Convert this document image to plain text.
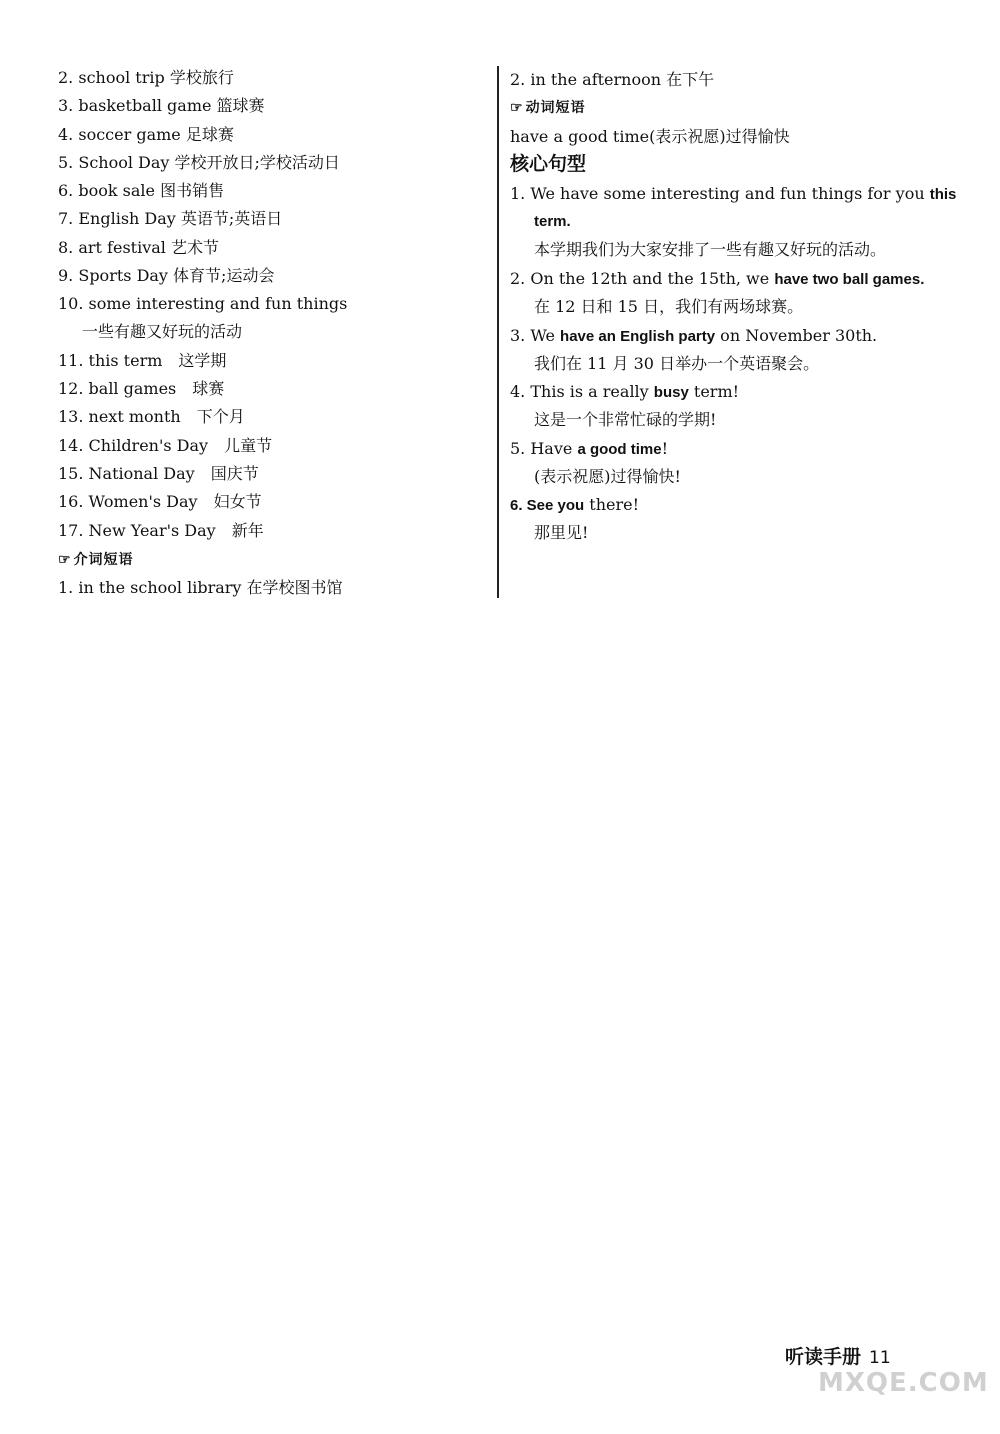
2. school trip 学校旅行
3. basketball game 篮球赛
4. soccer game 足球赛
5. School Day 学校开放日;学校活动日
6. book sale 图书销售
7. English Day 英语节;英语日
8. art festival 艺术节
9. Sports Day 体育节;运动会
10. some interesting and fun things
一些有趣又好玩的活动
11. this term　这学期
12. ball games　球赛
13. next month　下个月
14. Children's Day　儿童节
15. National Day　国庆节
16. Women's Day　妇女节
17. New Year's Day　新年
☞ 介词短语
1. in the school library 在学校图书馆
2. in the afternoon 在下午
☞ 动词短语
have a good time(表示祝愿)过得愉快
核心句型
1. We have some interesting and fun things for you this
term.
本学期我们为大家安排了一些有趣又好玩的活动。
2. On the 12th and the 15th, we have two ball games.
在 12 日和 15 日，我们有两场球赛。
3. We have an English party on November 30th.
我们在 11 月 30 日举办一个英语聚会。
4. This is a really busy term!
这是一个非常忙碌的学期!
5. Have a good time!
(表示祝愿)过得愉快!
6. See you there!
那里见!
听读手册 11
MXQE.COM
